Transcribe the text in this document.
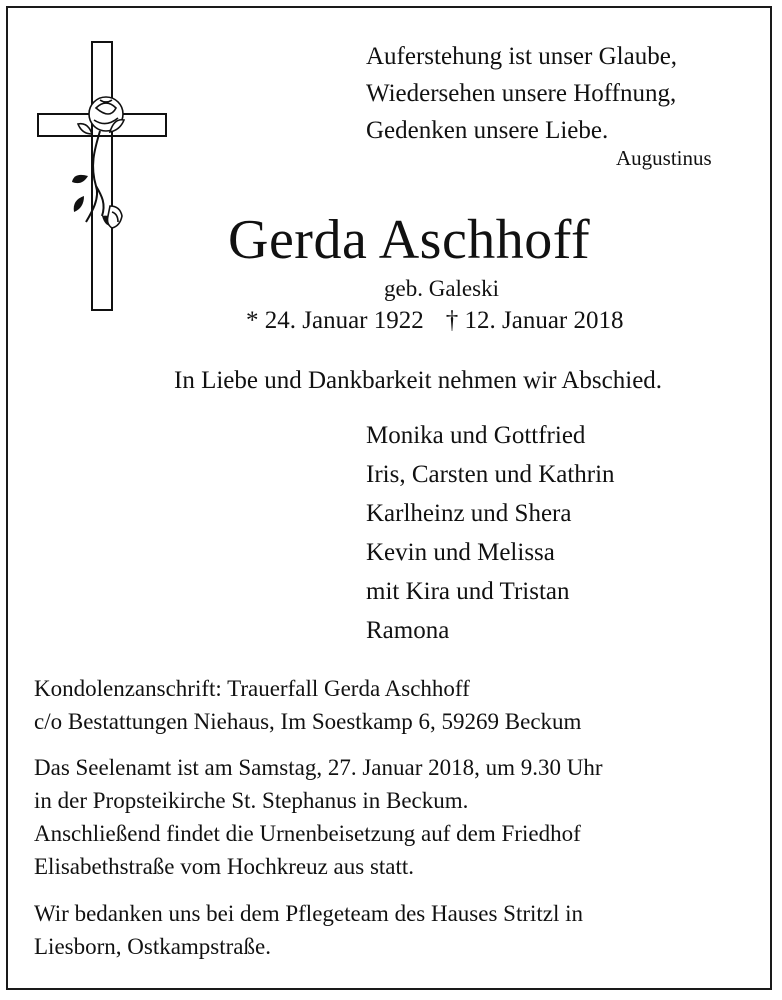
Auferstehung ist unser Glaube,
Wiedersehen unsere Hoffnung,
Gedenken unsere Liebe.
Augustinus
Gerda Aschhoff
geb. Galeski
* 24. Januar 1922 † 12. Januar 2018
In Liebe und Dankbarkeit nehmen wir Abschied.
Monika und Gottfried
Iris, Carsten und Kathrin
Karlheinz und Shera
Kevin und Melissa
mit Kira und Tristan
Ramona
Kondolenzanschrift: Trauerfall Gerda Aschhoff
c/o Bestattungen Niehaus, Im Soestkamp 6, 59269 Beckum
Das Seelenamt ist am Samstag, 27. Januar 2018, um 9.30 Uhr
in der Propsteikirche St. Stephanus in Beckum.
Anschließend findet die Urnenbeisetzung auf dem Friedhof
Elisabethstraße vom Hochkreuz aus statt.
Wir bedanken uns bei dem Pflegeteam des Hauses Stritzl in
Liesborn, Ostkampstraße.
